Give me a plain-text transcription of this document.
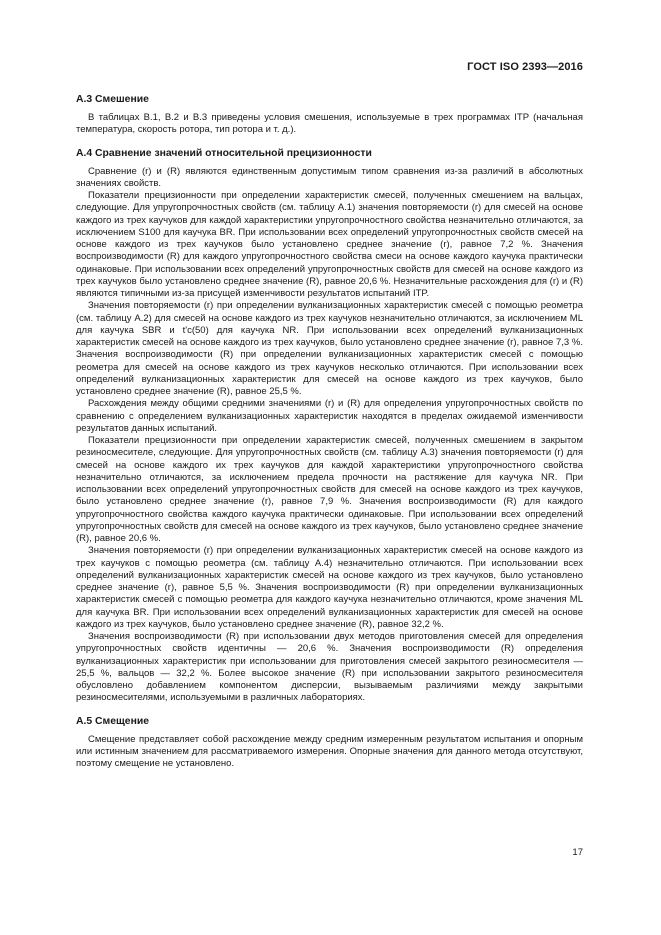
ГОСТ ISO 2393—2016
А.3 Смешение

В таблицах В.1, В.2 и В.3 приведены условия смешения, используемые в трех программах ITP (начальная температура, скорость ротора, тип ротора и т. д.).

А.4 Сравнение значений относительной прецизионности

Сравнение (r) и (R) являются единственным допустимым типом сравнения из-за различий в абсолютных значениях свойств.

Показатели прецизионности при определении характеристик смесей, полученных смешением на вальцах, следующие. Для упругопрочностных свойств (см. таблицу А.1) значения повторяемости (r) для смесей на основе каждого из трех каучуков для каждой характеристики упругопрочностного свойства незначительно отличаются, за исключением S100 для каучука BR. При использовании всех определений упругопрочностных свойств смесей на основе каждого из трех каучуков было установлено среднее значение (r), равное 7,2 %. Значения воспроизводимости (R) для каждого упругопрочностного свойства смеси на основе каждого каучука практически одинаковые. При использовании всех определений упругопрочностных свойств для смесей на основе каждого из трех каучуков было установлено среднее значение (R), равное 20,6 %. Незначительные расхождения для (r) и (R) являются типичными из-за присущей изменчивости результатов испытаний ITP.

Значения повторяемости (r) при определении вулканизационных характеристик смесей с помощью реометра (см. таблицу А.2) для смесей на основе каждого из трех каучуков незначительно отличаются, за исключением ML для каучука SBR и t'c(50) для каучука NR. При использовании всех определений вулканизационных характеристик смесей на основе каждого из трех каучуков, было установлено среднее значение (r), равное 7,3 %. Значения воспроизводимости (R) при определении вулканизационных характеристик смесей с помощью реометра для смесей на основе каждого из трех каучуков несколько отличаются. При использовании всех определений вулканизационных характеристик для смесей на основе каждого из трех каучуков, было установлено среднее значение (R), равное 25,5 %.

Расхождения между общими средними значениями (r) и (R) для определения упругопрочностных свойств по сравнению с определением вулканизационных характеристик находятся в пределах ожидаемой изменчивости результатов данных испытаний.

Показатели прецизионности при определении характеристик смесей, полученных смешением в закрытом резиносмесителе, следующие. Для упругопрочностных свойств (см. таблицу А.3) значения повторяемости (r) для смесей на основе каждого их трех каучуков для каждой характеристики упругопрочностного свойства незначительно отличаются, за исключением предела прочности на растяжение для каучука NR. При использовании всех определений упругопрочностных свойств для смесей на основе каждого из трех каучуков, было установлено среднее значение (r), равное 7,9 %. Значения воспроизводимости (R) для каждого упругопрочностного свойства каждого каучука практически одинаковые. При использовании всех определений упругопрочностных свойств для смесей на основе каждого из трех каучуков, было установлено среднее значение (R), равное 20,6 %.

Значения повторяемости (r) при определении вулканизационных характеристик смесей на основе каждого из трех каучуков с помощью реометра (см. таблицу А.4) незначительно отличаются. При использовании всех определений вулканизационных характеристик смесей на основе каждого из трех каучуков, было установлено среднее значение (r), равное 5,5 %. Значения воспроизводимости (R) при определении вулканизационных характеристик смесей с помощью реометра для каждого каучука незначительно отличаются, кроме значения ML для каучука BR. При использовании всех определений вулканизационных характеристик для смесей на основе каждого из трех каучуков, было установлено среднее значение (R), равное 32,2 %.

Значения воспроизводимости (R) при использовании двух методов приготовления смесей для определения упругопрочностных свойств идентичны — 20,6 %. Значения воспроизводимости (R) определения вулканизационных характеристик при использовании для приготовления смесей закрытого резиносмесителя — 25,5 %, вальцов — 32,2 %. Более высокое значение (R) при использовании закрытого резиносмесителя обусловлено добавлением компонентом дисперсии, вызываемым различиями между закрытыми резиносмесителями, используемыми в различных лабораториях.

А.5 Смещение

Смещение представляет собой расхождение между средним измеренным результатом испытания и опорным или истинным значением для рассматриваемого измерения. Опорные значения для данного метода отсутствуют, поэтому смещение не установлено.

17
